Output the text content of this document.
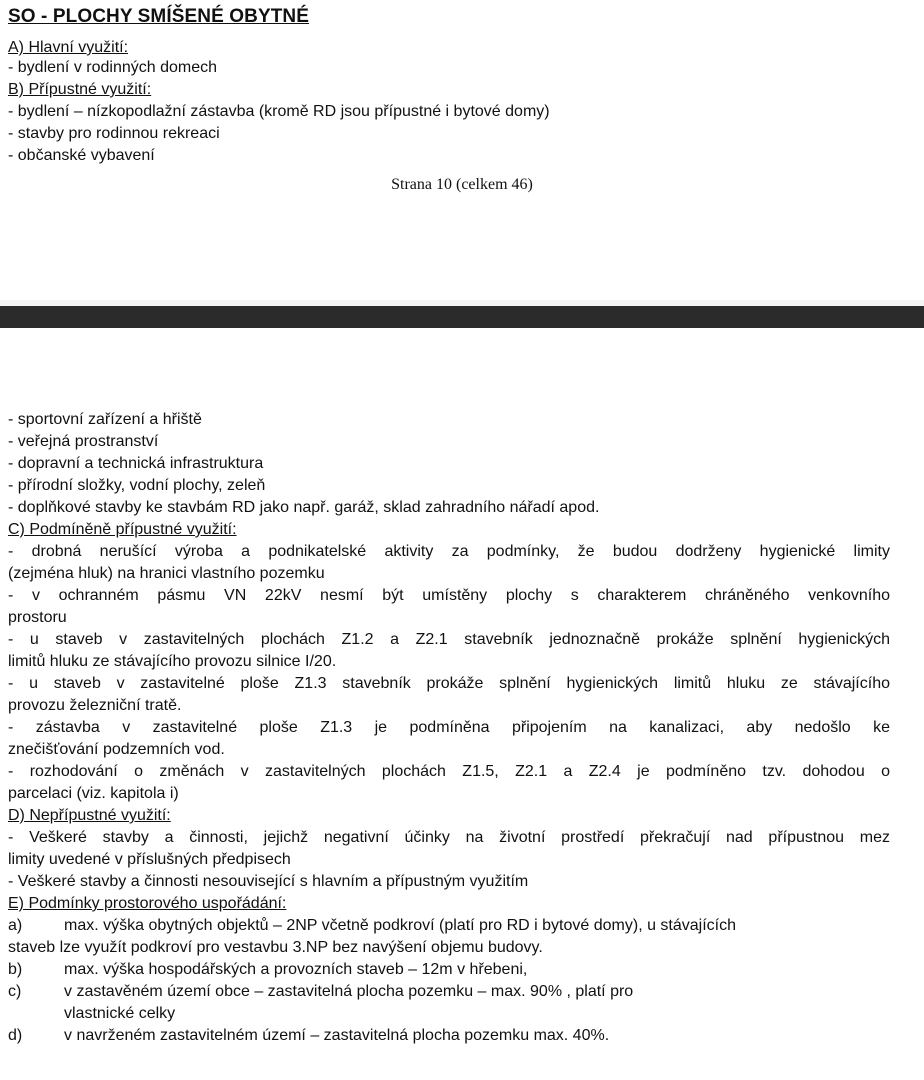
SO - PLOCHY SMÍŠENÉ OBYTNÉ
A) Hlavní využití:
- bydlení v rodinných domech
B) Přípustné využití:
- bydlení – nízkopodlažní zástavba (kromě RD jsou přípustné i bytové domy)
- stavby pro rodinnou rekreaci
- občanské vybavení
Strana 10 (celkem 46)
- sportovní zařízení a hřiště
- veřejná prostranství
- dopravní a technická infrastruktura
- přírodní složky, vodní plochy, zeleň
- doplňkové stavby ke stavbám RD jako např. garáž, sklad zahradního nářadí apod.
C) Podmíněně přípustné využití:
- drobná nerušící výroba a podnikatelské aktivity za podmínky, že budou dodrženy hygienické limity
(zejména hluk) na hranici vlastního pozemku
- v ochranném pásmu VN 22kV nesmí být umístěny plochy s charakterem chráněného venkovního
prostoru
- u staveb v zastavitelných plochách Z1.2 a Z2.1 stavebník jednoznačně prokáže splnění hygienických
limitů hluku ze stávajícího provozu silnice I/20.
- u staveb v zastavitelné ploše Z1.3 stavebník prokáže splnění hygienických limitů hluku ze stávajícího
provozu železniční tratě.
- zástavba v zastavitelné ploše Z1.3 je podmíněna připojením na kanalizaci, aby nedošlo ke
znečišťování podzemních vod.
- rozhodování o změnách v zastavitelných plochách Z1.5, Z2.1 a Z2.4 je podmíněno tzv. dohodou o
parcelaci (viz. kapitola i)
D) Nepřípustné využití:
- Veškeré stavby a činnosti, jejichž negativní účinky na životní prostředí překračují nad přípustnou mez
limity uvedené v příslušných předpisech
- Veškeré stavby a činnosti nesouvisející s hlavním a přípustným využitím
E) Podmínky prostorového uspořádání:
a)	max. výška obytných objektů – 2NP včetně podkroví (platí pro RD i bytové domy), u stávajících
staveb lze využít podkroví pro vestavbu 3.NP bez navýšení objemu budovy.
b)	max. výška hospodářských a provozních staveb – 12m v hřebeni,
c)	v zastavěném území obce – zastavitelná plocha pozemku – max. 90% , platí pro
vlastnické celky
d)	v navrženém zastavitelném území – zastavitelná plocha pozemku max. 40%.
